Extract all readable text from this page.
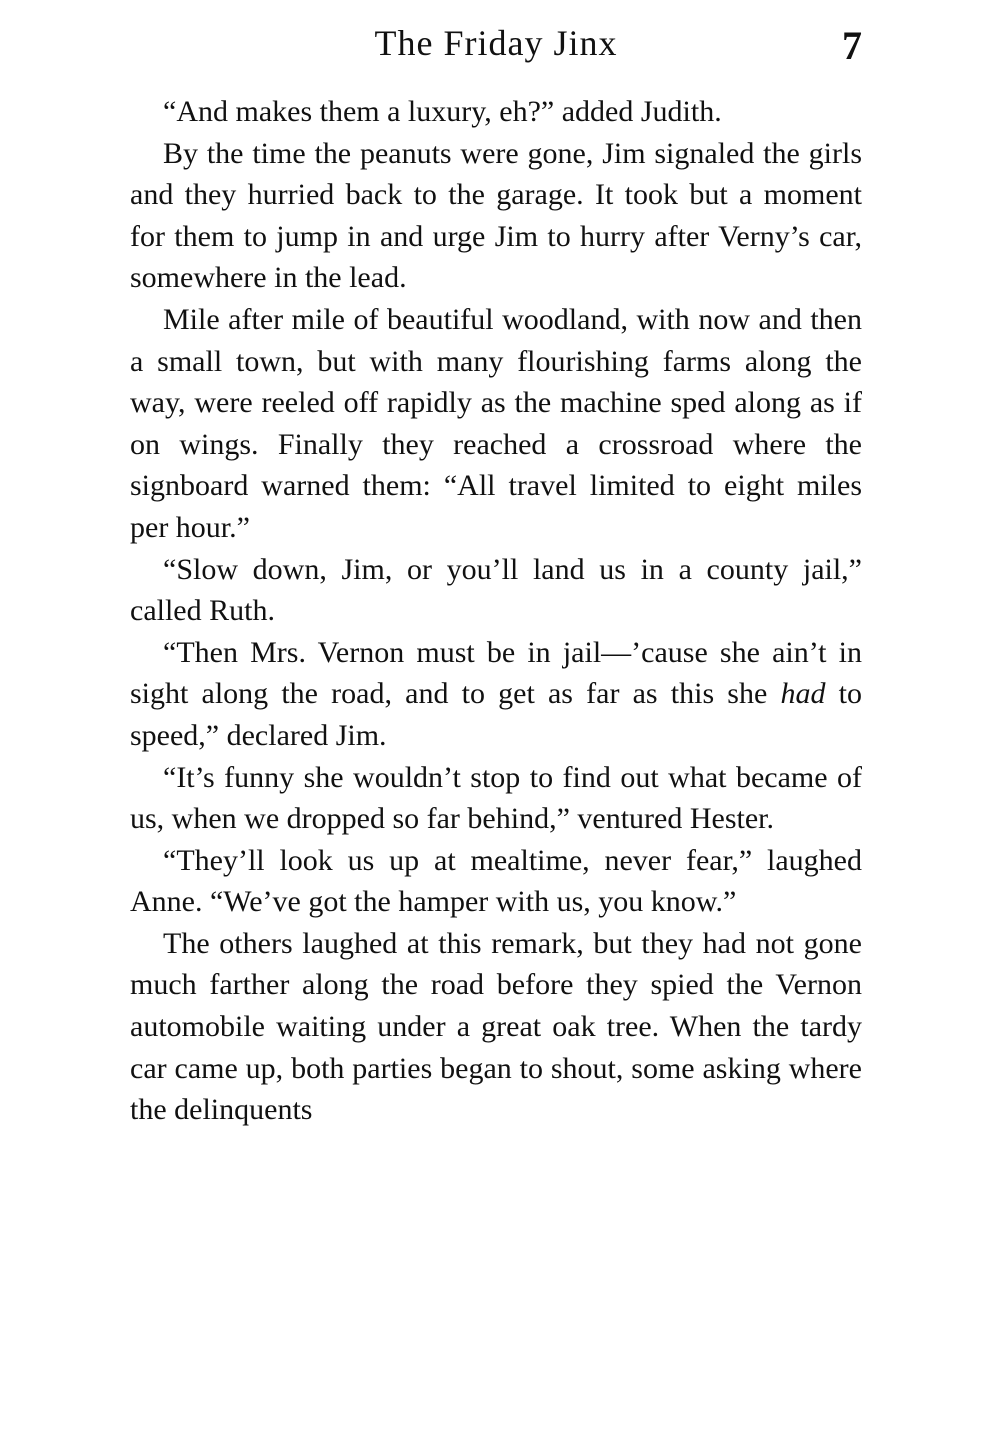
The Friday Jinx	7

“And makes them a luxury, eh?” added Judith.

By the time the peanuts were gone, Jim signaled the girls and they hurried back to the garage. It took but a moment for them to jump in and urge Jim to hurry after Verny’s car, somewhere in the lead.

Mile after mile of beautiful woodland, with now and then a small town, but with many flourishing farms along the way, were reeled off rapidly as the machine sped along as if on wings. Finally they reached a crossroad where the signboard warned them: “All travel limited to eight miles per hour.”

“Slow down, Jim, or you’ll land us in a county jail,” called Ruth.

“Then Mrs. Vernon must be in jail—’cause she ain’t in sight along the road, and to get as far as this she had to speed,” declared Jim.

“It’s funny she wouldn’t stop to find out what became of us, when we dropped so far behind,” ventured Hester.

“They’ll look us up at mealtime, never fear,” laughed Anne. “We’ve got the hamper with us, you know.”

The others laughed at this remark, but they had not gone much farther along the road before they spied the Vernon automobile waiting under a great oak tree. When the tardy car came up, both parties began to shout, some asking where the delinquents
